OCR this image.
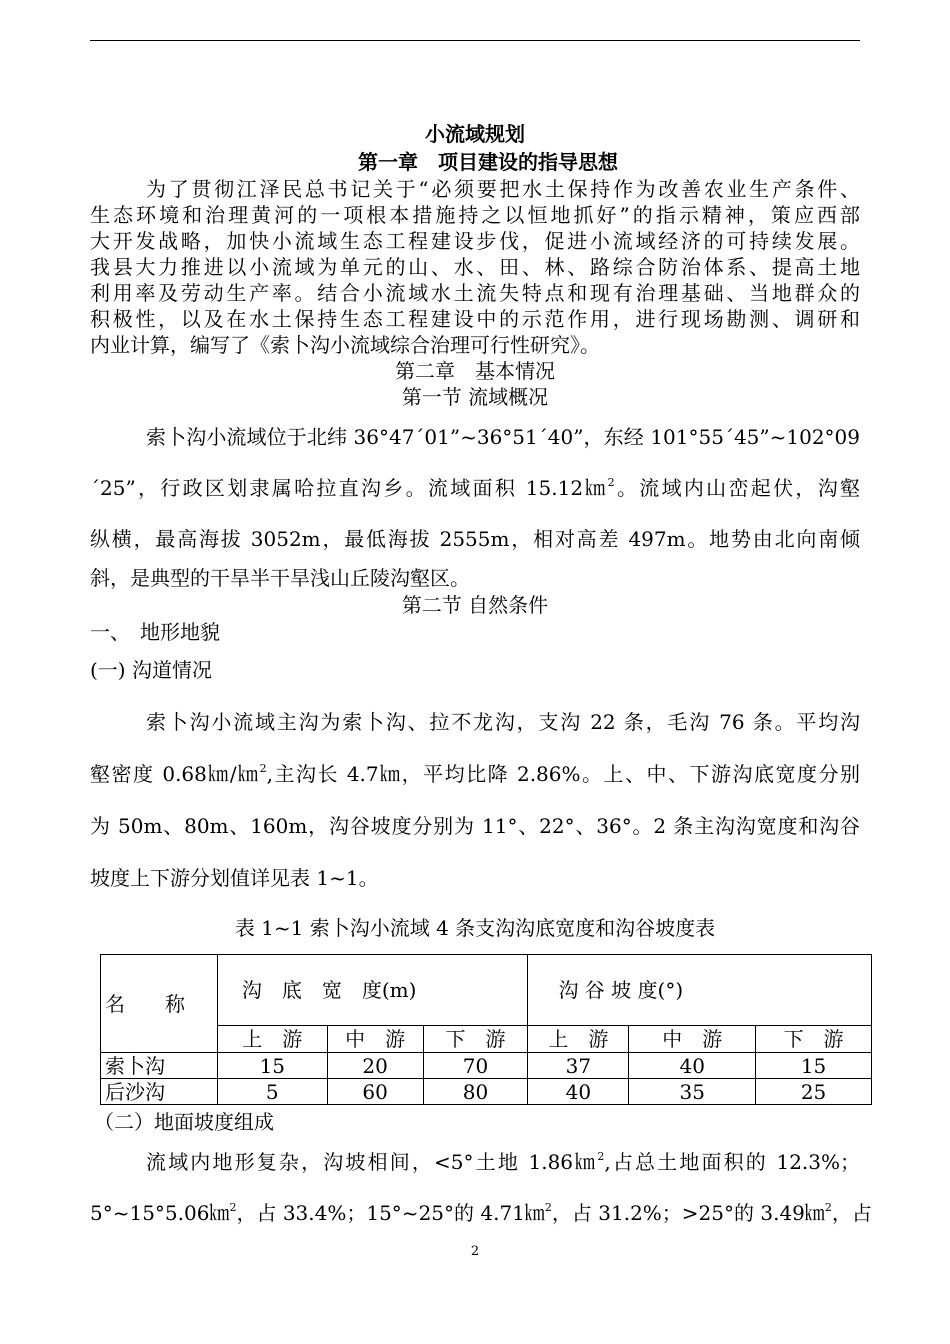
小流域规划
第一章　项目建设的指导思想
为了贯彻江泽民总书记关于“必须要把水土保持作为改善农业生产条件、
生态环境和治理黄河的一项根本措施持之以恒地抓好”的指示精神，策应西部
大开发战略，加快小流域生态工程建设步伐，促进小流域经济的可持续发展。
我县大力推进以小流域为单元的山、水、田、林、路综合防治体系、提高土地
利用率及劳动生产率。结合小流域水土流失特点和现有治理基础、当地群众的
积极性，以及在水土保持生态工程建设中的示范作用，进行现场勘测、调研和
内业计算，编写了《索卜沟小流域综合治理可行性研究》。
第二章　基本情况
第一节 流域概况
索卜沟小流域位于北纬 36°47´01”~36°51´40”，东经 101°55´45”~102°09
´25”，行政区划隶属哈拉直沟乡。流域面积 15.12㎞$^2$。流域内山峦起伏，沟壑
纵横，最高海拔 3052m，最低海拔 2555m，相对高差 497m。地势由北向南倾
斜，是典型的干旱半干旱浅山丘陵沟壑区。
第二节 自然条件
一、　地形地貌
(一) 沟道情况
索卜沟小流域主沟为索卜沟、拉不龙沟，支沟 22 条，毛沟 76 条。平均沟
壑密度 0.68㎞/㎞$^2$,主沟长 4.7㎞，平均比降 2.86%。上、中、下游沟底宽度分别
为 50m、80m、160m，沟谷坡度分别为 11°、22°、36°。2 条主沟沟宽度和沟谷
坡度上下游分划值详见表 1~1。
表 1~1 索卜沟小流域 4 条支沟沟底宽度和沟谷坡度表
名　　称	沟　底　宽　度(m)			沟 谷 坡 度(°)		
	上　游	中　游	下　游	上　游	中　游	下　游
索卜沟	15	20	70	37	40	15
后沙沟	5	60	80	40	35	25
（二）地面坡度组成
流域内地形复杂，沟坡相间，<5°土地 1.86㎞$^2$,占总土地面积的 12.3%；
5°~15°5.06㎞$^2$，占 33.4%；15°~25°的 4.71㎞$^2$，占 31.2%；>25°的 3.49㎞$^2$，占
2
